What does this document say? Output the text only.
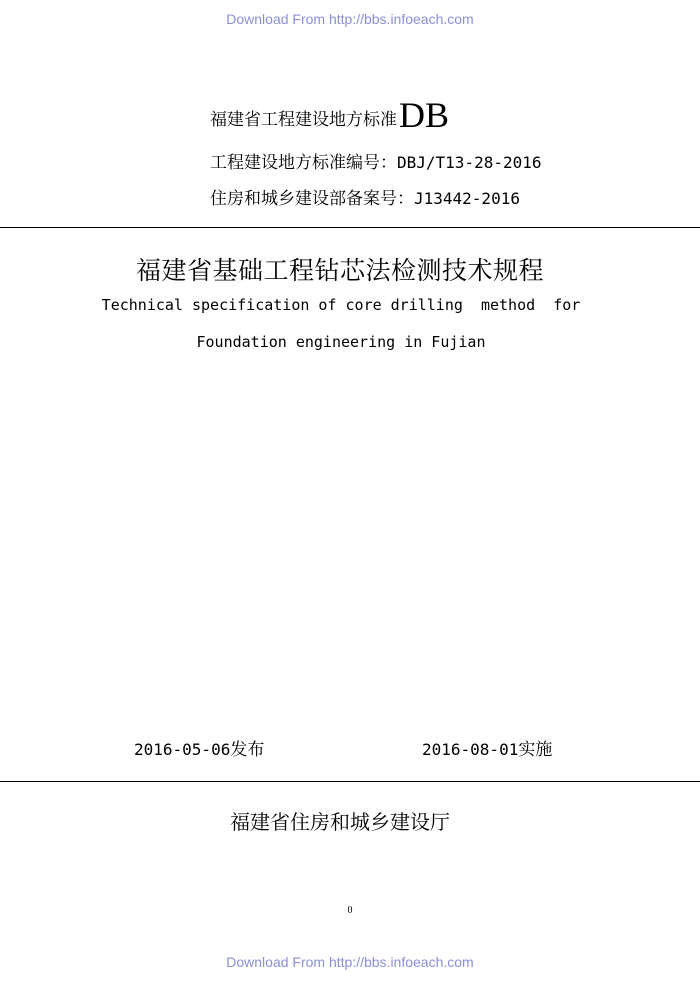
Download From http://bbs.infoeach.com
福建省工程建设地方标准DB
工程建设地方标准编号：DBJ/T13-28-2016
住房和城乡建设部备案号：J13442-2016
福建省基础工程钻芯法检测技术规程
Technical specification of core drilling  method  for
Foundation engineering in Fujian
2016-05-06发布	2016-08-01实施
福建省住房和城乡建设厅
0
Download From http://bbs.infoeach.com
